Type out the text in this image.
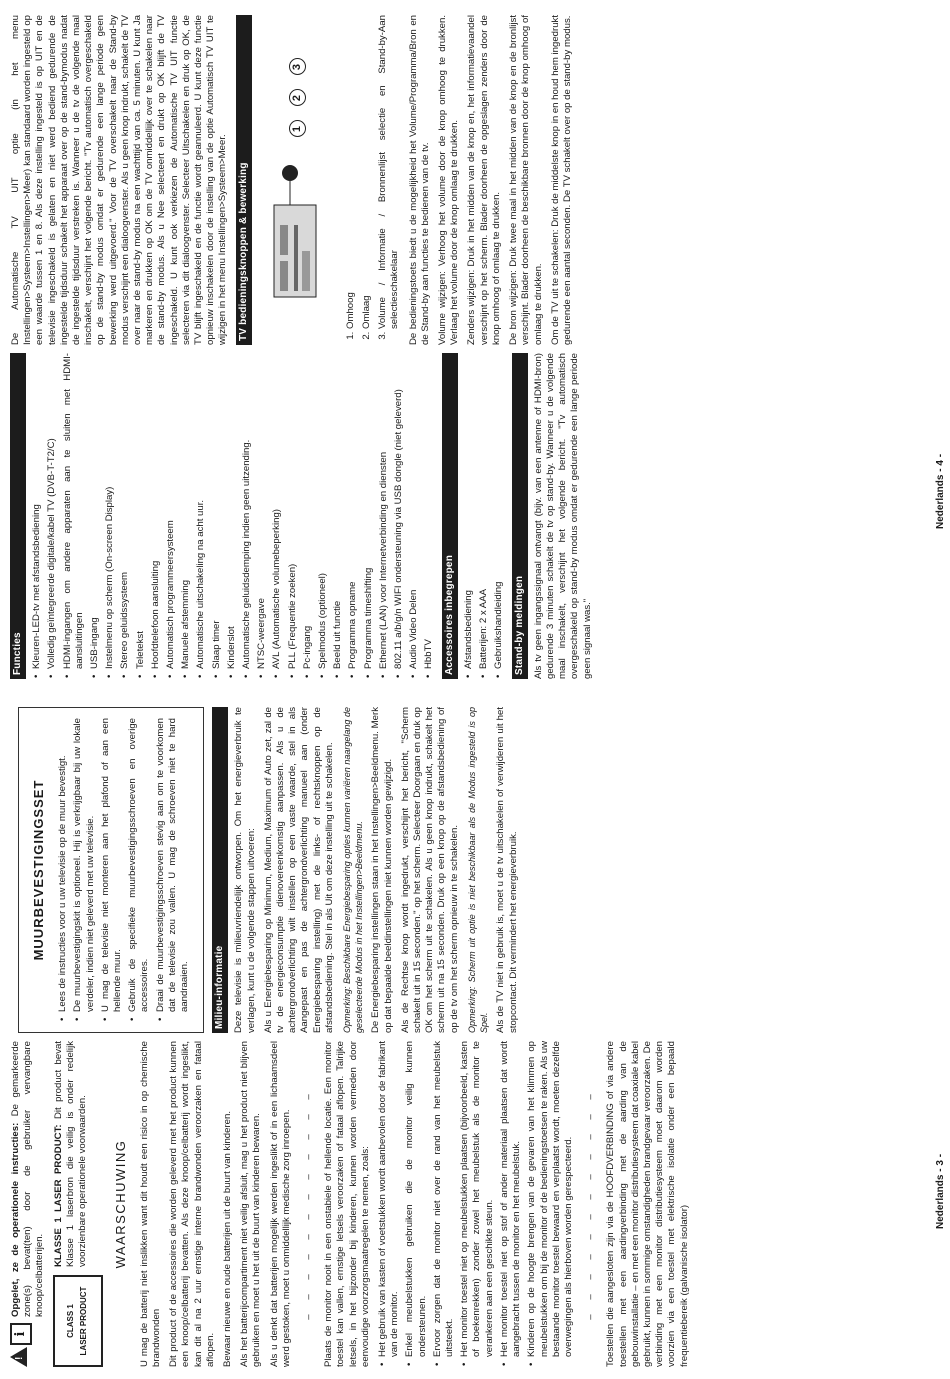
!
i
Opgelet, ze de operationele instructies: De gemarkeerde zone(s) bevat(ten) door de gebruiker vervangbare knoop/celbatterijen.
CLASS 1 LASER PRODUCT
KLASSE 1 LASER PRODUCT: Dit product bevat Klasse 1 laserbron die veilig is onder redelijk voorzienbare operationele voorwaarden.	WAARSCHUWING U mag de batterij niet inslikken want dit houdt een risico in op chemische brandwonden Dit product of de accessoires die worden geleverd met het product kunnen een knoop/celbatterij bevatten. Als deze knoop/celbatterij wordt ingeslikt, kan dit al na 2 uur ernstige interne brandwonden veroorzaken en fataal aflopen. Bewaar nieuwe en oude batterijen uit de buurt van kinderen. Als het batterijcompartiment niet veilig afsluit, mag u het product niet blijven gebruiken en moet u het uit de buurt van kinderen bewaren. Als u denkt dat batterijen mogelijk werden ingeslikt of in een lichaamsdeel werd gestoken, moet u onmiddellijk medische zorg inroepen. – – – – – – – – – – – – Plaats de monitor nooit in een onstabiele of hellende locatie. Een monitor toestel kan vallen, ernstige letsels veroorzaken of fataal aflopen. Talrijke letsels, in het bijzonder bij kinderen, kunnen worden vermeden door eenvoudige voorzorgsmaatregelen te nemen, zoals: • Het gebruik van kasten of voetstukken wordt aanbevolen door de fabrikant van de monitor. • Enkel meubelstukken gebruiken die de monitor veilig kunnen ondersteunen. • Ervoor zorgen dat de monitor niet over de rand van het meubelstuk uitsteekt. • Het monitor toestel niet op meubelstukken plaatsen (bijvoorbeeld, kasten of boekenrekken) zonder zowel het meubelstuk als de monitor te verankeren aan een geschikte steun. • Het monitor toestel niet op stof of ander materiaal plaatsen dat wordt aangebracht tussen de monitor en het meubelstuk. • Kinderen op de hoogte brengen van de gevaren van het klimmen op meubelstukken om bij de monitor of de bedieningstoetsen te raken. Als uw bestaande monitor toestel bewaard en verplaatst wordt, moeten dezelfde overwegingen als hierboven worden gerespecteerd. – – – – – – – – – – – – Toestellen die aangesloten zijn via de HOOFDVERBINDING of via andere toestellen met een aardingverbinding met de aarding van de gebouwinstallatie – en met een monitor distributiesysteem dat coaxiale kabel gebruikt, kunnen in sommige omstandigheden brandgevaar veroorzaken. De verbinding met een monitor distributiesysteem moet daarom worden voorzien via een toestel met elektrische isolatie onder een bepaald frequentiebereik (galvanische isolator)

MUURBEVESTIGINGSSET • Lees de instructies voor u uw televisie op de muur bevestigt. • De muurbevestigingskit is optioneel. Hij is verkrijgbaar bij uw lokale verdeler, indien niet geleverd met uw televisie. • U mag de televisie niet monteren aan het plafond of aan een hellende muur. • Gebruik de specifieke muurbevestigingsschroeven en overige accessoires. • Draai de muurbevestigingsschroeven stevig aan om te voorkomen dat de televisie zou vallen. U mag de schroeven niet te hard aandraaien. Milieu-informatie Deze televisie is milieuvriendelijk ontworpen. Om het energieverbruik te verlagen, kunt u de volgende stappen uitvoeren: Als u Energiebesparing op Minimum, Medium, Maximum of Auto zet, zal de tv de energieconsumptie dienovereenkomstig aanpassen. Als u de achtergrondverlichting wilt instellen op een vaste waarde, stel in als Aangepast en pas de achtergrondverlichting manueel aan (onder Energiebesparing instelling) met de links- of rechtsknoppen op de afstandsbediening. Stel in als Uit om deze instelling uit te schakelen. Opmerking: Beschikbare Energiebesparing opties kunnen variëren naargelang de geselecteerde Modus in het Instellingen>Beeldmenu. De Energiebesparing instellingen staan in het Instellingen>Beeldmenu. Merk op dat bepaalde beeldinstellingen niet kunnen worden gewijzigd. Als de Rechtse knop wordt ingedrukt, verschijnt het bericht, "Scherm schakelt uit in 15 seconden." op het scherm. Selecteer Doorgaan en druk op OK om het scherm uit te schakelen. Als u geen knop indrukt, schakelt het scherm uit na 15 seconden. Druk op een knop op de afstandsbediening of op de tv om het scherm opnieuw in te schakelen. Opmerking: Scherm uit optie is niet beschikbaar als de Modus ingesteld is op Spel. Als de TV niet in gebruik is, moet u de tv uitschakelen of verwijderen uit het stopcontact. Dit vermindert het energieverbruik.

Nederlands - 3 -
Functies • Kleuren-LED-tv met afstandsbediening • Volledig geïntegreerde digitale/kabel TV (DVB-T-T2/C) • HDMI-ingangen om andere apparaten aan te sluiten met HDMI-aansluitingen • USB-ingang • Instelmenu op scherm (On-screen Display) • Stereo geluidssysteem • Teletekst • Hoofdtelefoon aansluiting • Automatisch programmeersysteem • Manuele afstemming • Automatische uitschakeling na acht uur. • Slaap timer • Kinderslot • Automatische geluidsdemping indien geen uitzending. • NTSC-weergave • AVL (Automatische volumebeperking) • PLL (Frequentie zoeken) • Pc-ingang • Spelmodus (optioneel) • Beeld uit functie • Programma opname • Programma timeshifting • Ethernet (LAN) voor Internetverbinding en diensten • 802.11 a/b/g/n WIFI ondersteuning via USB dongle (niet geleverd) • Audio Video Delen • HbbTV Accessoires inbegrepen • Afstandsbediening • Batterijen: 2 x AAA • Gebruikshandleiding Stand-by meldingen Als tv geen ingangssignaal ontvangt (bijv. van een antenne of HDMI-bron) gedurende 3 minuten schakelt de tv op stand-by. Wanneer u de volgende maal inschakelt, verschijnt het volgende bericht. "Tv automatisch overgeschakeld op stand-by modus omdat er gedurende een lange periode geen signaal was."

De Automatische TV UIT optie (in het menu Instellingen>Systeem>Instellingen>Meer) kan standaard worden ingesteld op een waarde tussen 1 en 8. Als deze instelling ingesteld is op UIT en de televisie ingeschakeld is gelaten en niet werd bediend gedurende de ingestelde tijdsduur schakelt het apparaat over op de stand-bymodus nadat de ingestelde tijdsduur verstreken is. Wanneer u de tv de volgende maal inschakelt, verschijnt het volgende bericht. "Tv automatisch overgeschakeld op de stand-by modus omdat er gedurende een lange periode geen bewerking werd uitgevoerd." Voor de TV overschakelt naar de Stand-by modus verschijnt een dialoogvenster. Als u geen knop indrukt, schakelt de TV over naar de stand-by modus na een wachttijd van ca. 5 minuten. U kunt Ja markeren en drukken op OK om de TV onmiddellijk over te schakelen naar de stand-by modus. Als u Nee selecteert en drukt op OK blijft de TV ingeschakeld. U kunt ook verkiezen de Automatische TV UIT functie selecteren via dit dialoogvenster. Selecteer Uitschakelen en druk op OK, de TV blijft ingeschakeld en de functie wordt geannuleerd. U kunt deze functie opnieuw inschakelen door de instelling van de optie Automatisch TV UIT te wijzigen in het menu Instellingen>Systeem>Meer. TV bedieningsknoppen & bewerking
1
2
3
1. Omhoog 2. Omlaag 3. Volume / Informatie / Bronnenlijst selectie en Stand-by-Aan selectieschakelaar De bedieningstoets biedt u de mogelijkheid het Volume/Programma/Bron en de Stand-by aan functies te bedienen van de tv. Volume wijzigen: Verhoog het volume door de knop omhoog te drukken. Verlaag het volume door de knop omlaag te drukken. Zenders wijzigen: Druk in het midden van de knop en, het informatievaandel verschijnt op het scherm. Blader doorheen de opgeslagen zenders door de knop omhoog of omlaag te drukken. De bron wijzigen: Druk twee maal in het midden van de knop en de bronlijst verschijnt. Blader doorheen de beschikbare bronnen door de knop omhoog of omlaag te drukken. Om de TV uit te schakelen: Druk de middelste knop in en houd hem ingedrukt gedurende een aantal seconden. De TV schakelt over op de stand-by modus.

Nederlands - 4 -
